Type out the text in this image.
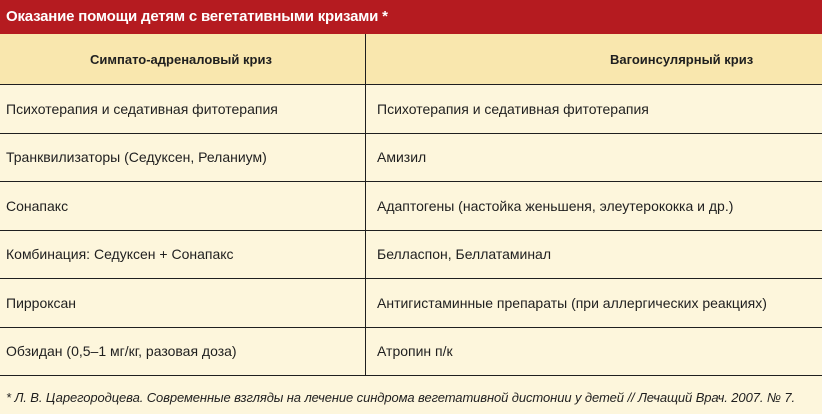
Оказание помощи детям с вегетативными кризами *
Симпато-адреналовый криз	Вагоинсулярный криз
Психотерапия и седативная фитотерапия	Психотерапия и седативная фитотерапия
Транквилизаторы (Седуксен, Реланиум)	Амизил
Сонапакс	Адаптогены (настойка женьшеня, элеутерококка и др.)
Комбинация: Седуксен + Сонапакс	Белласпон, Беллатаминал
Пирроксан	Антигистаминные препараты (при аллергических реакциях)
Обзидан (0,5–1 мг/кг, разовая доза)	Атропин п/к
* Л. В. Царегородцева. Современные взгляды на лечение синдрома вегетативной дистонии у детей // Лечащий Врач. 2007. № 7.
